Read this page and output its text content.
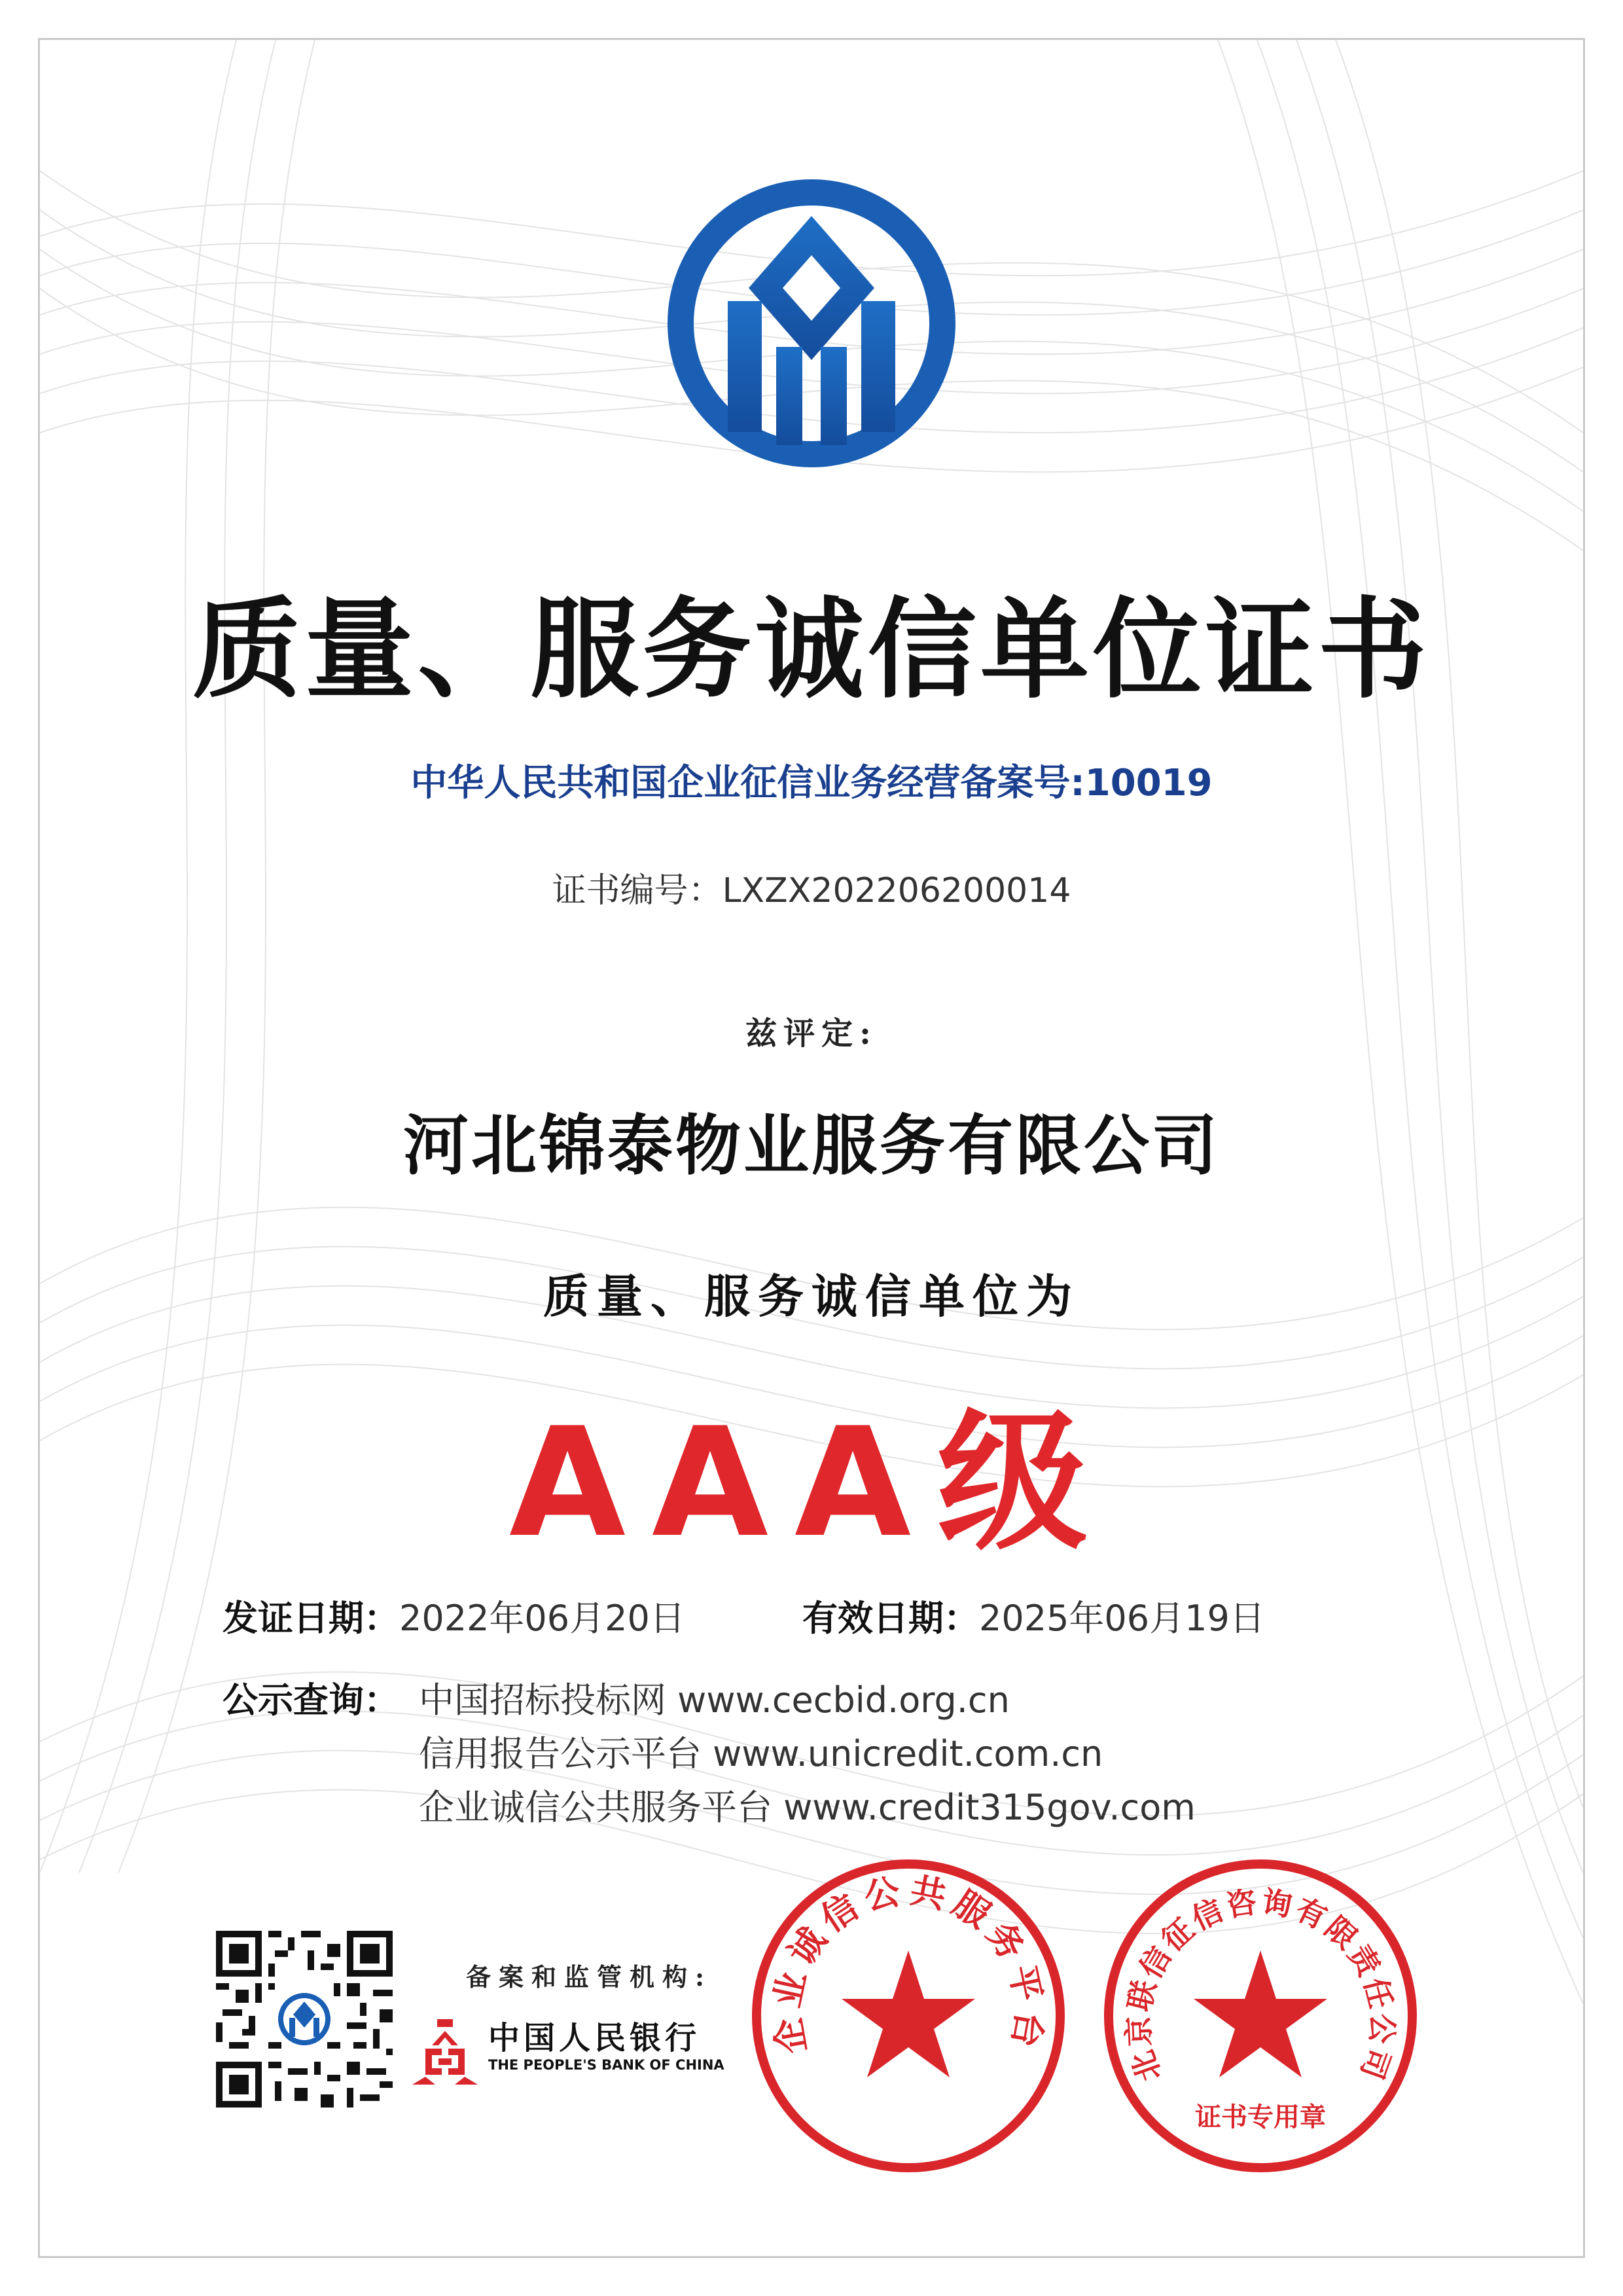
质量、服务诚信单位证书
中华人民共和国企业征信业务经营备案号:10019
证书编号：LXZX202206200014
兹评定:
河北锦泰物业服务有限公司
质量、服务诚信单位为
AAA级
发证日期：2022年06月20日	有效日期：2025年06月19日
公示查询： 中国招标投标网 www.cecbid.org.cn
信用报告公示平台 www.unicredit.com.cn
企业诚信公共服务平台 www.credit315gov.com
备案和监管机构:
中国人民银行
THE PEOPLE'S BANK OF CHINA
企业诚信公共服务平台
北京联信征信咨询有限责任公司
证书专用章
